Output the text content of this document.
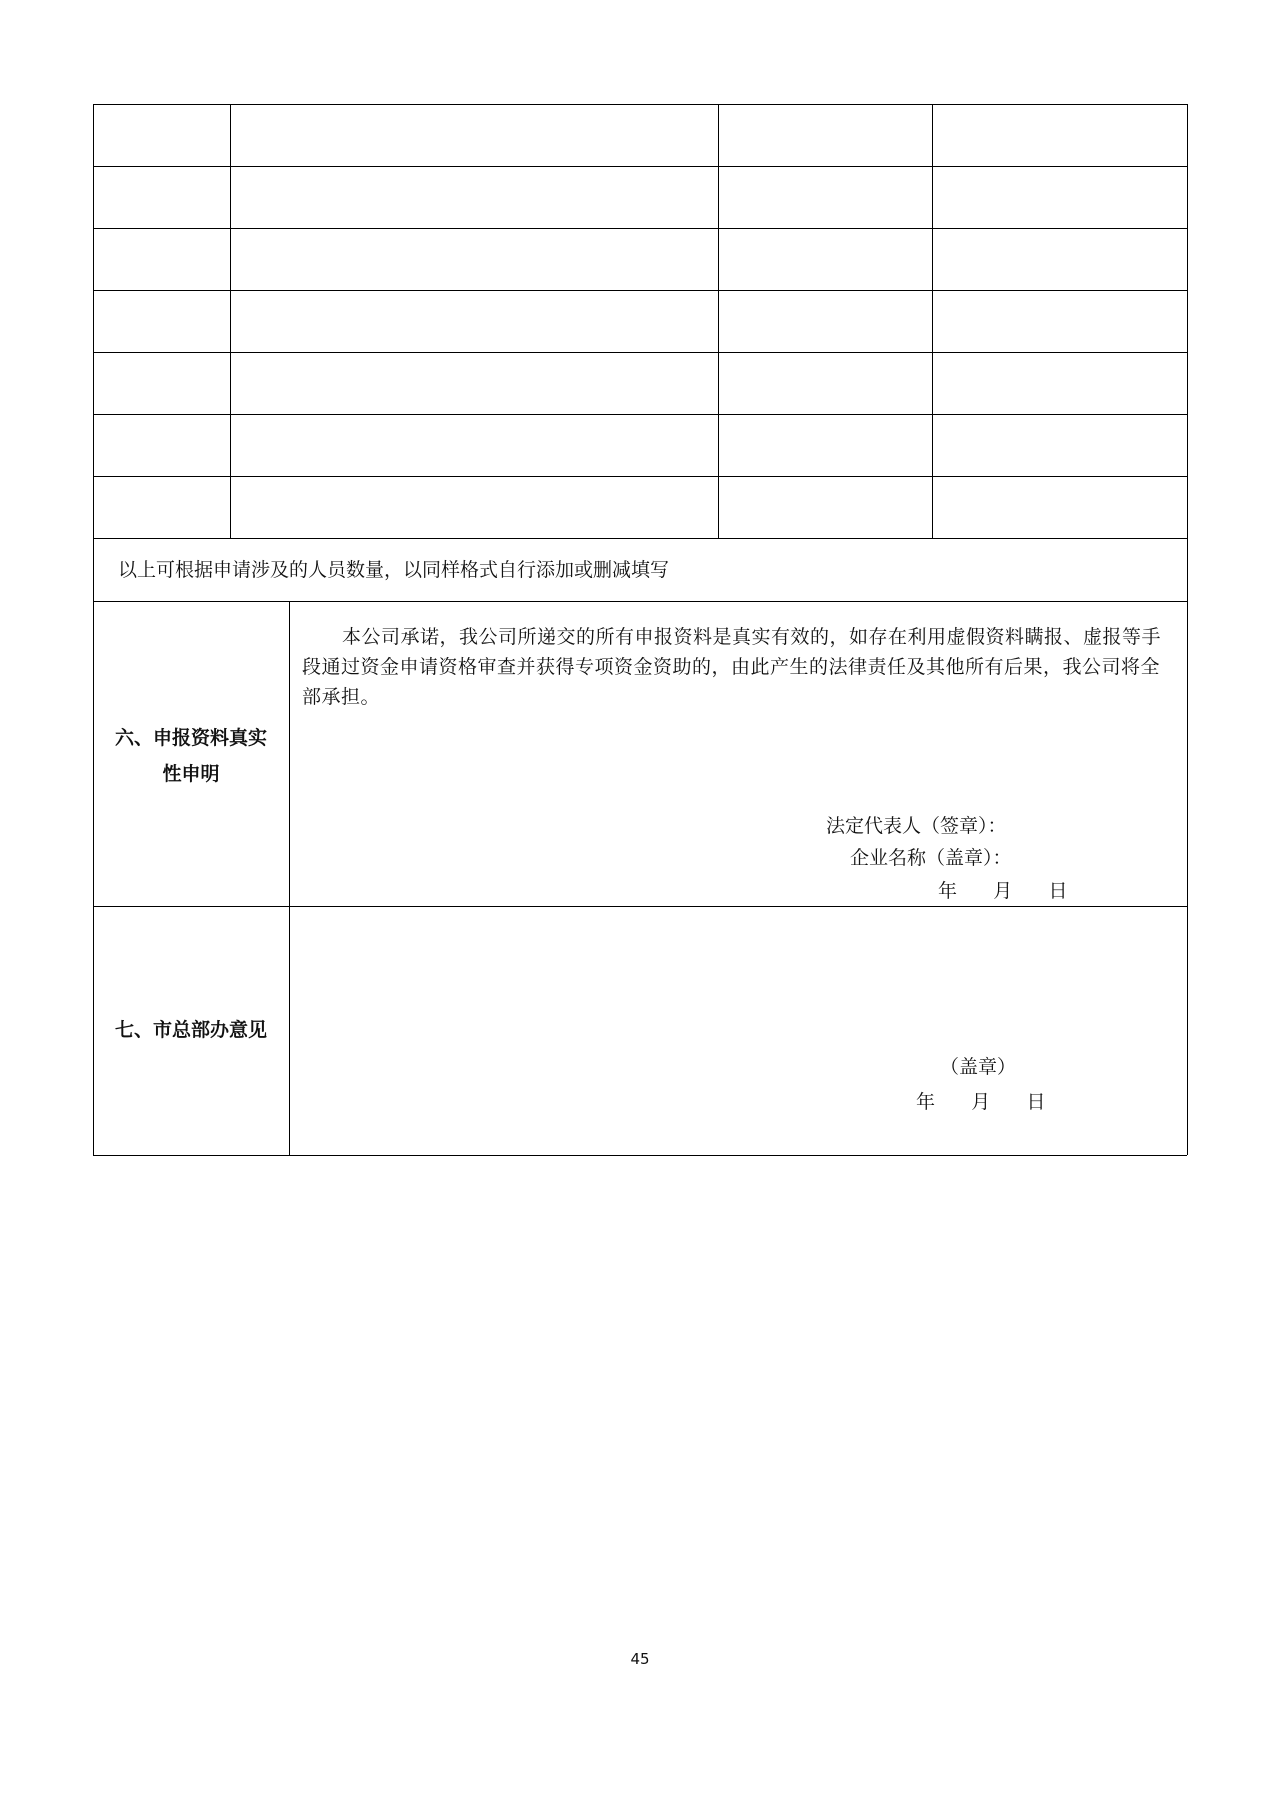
以上可根据申请涉及的人员数量，以同样格式自行添加或删减填写
六、申报资料真实
性申明
本公司承诺，我公司所递交的所有申报资料是真实有效的，如存在利用虚假资料瞒报、虚报等手段通过资金申请资格审查并获得专项资金资助的，由此产生的法律责任及其他所有后果，我公司将全部承担。
法定代表人（签章）：
企业名称（盖章）：
年      月      日
七、市总部办意见
（盖章）
年      月      日
45
